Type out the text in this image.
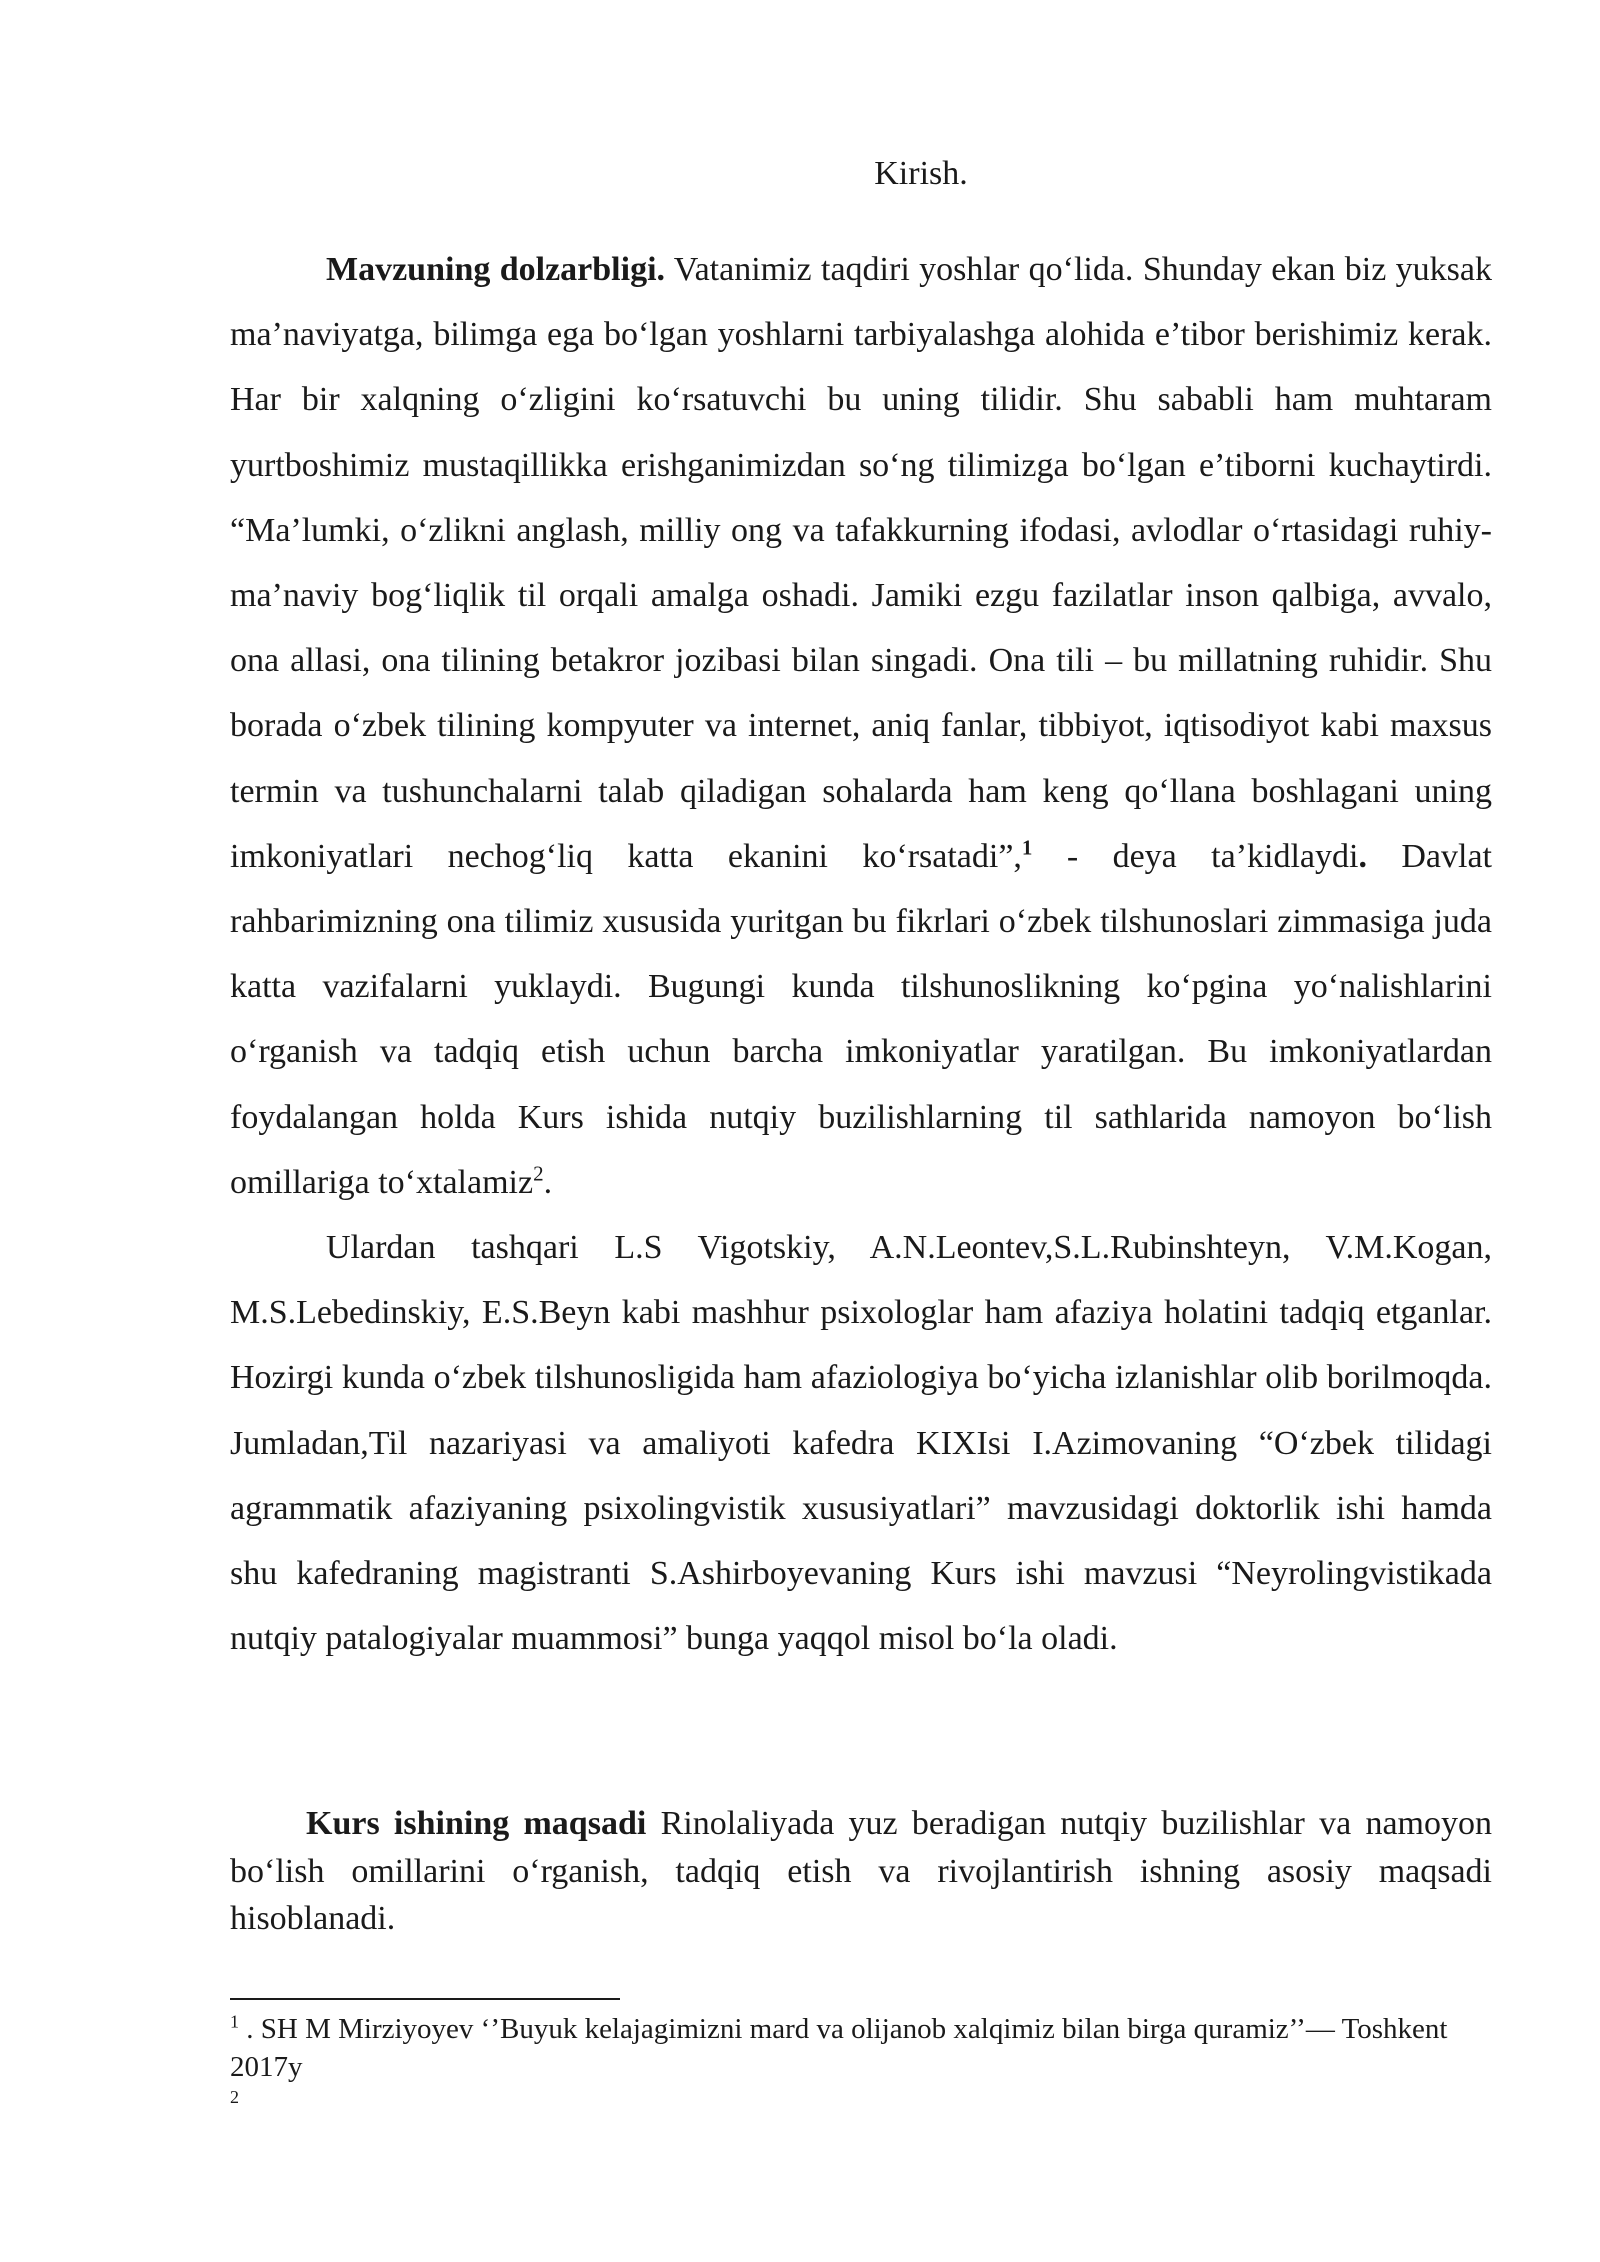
Kirish.

Mavzuning dolzarbligi. Vatanimiz taqdiri yoshlar qo‘lida. Shunday ekan biz yuksak ma’naviyatga, bilimga ega bo‘lgan yoshlarni tarbiyalashga alohida e’tibor berishimiz kerak. Har bir xalqning o‘zligini ko‘rsatuvchi bu uning tilidir. Shu sababli ham muhtaram yurtboshimiz mustaqillikka erishganimizdan so‘ng tilimizga bo‘lgan e’tiborni kuchaytirdi. “Ma’lumki, o‘zlikni anglash, milliy ong va tafakkurning ifodasi, avlodlar o‘rtasidagi ruhiy-ma’naviy bog‘liqlik til orqali amalga oshadi. Jamiki ezgu fazilatlar inson qalbiga, avvalo, ona allasi, ona tilining betakror jozibasi bilan singadi. Ona tili – bu millatning ruhidir. Shu borada o‘zbek tilining kompyuter va internet, aniq fanlar, tibbiyot, iqtisodiyot kabi maxsus termin va tushunchalarni talab qiladigan sohalarda ham keng qo‘llana boshlagani uning imkoniyatlari nechog‘liq katta ekanini ko‘rsatadi”,$^1$ - deya ta’kidlaydi. Davlat rahbarimizning ona tilimiz xususida yuritgan bu fikrlari o‘zbek tilshunoslari zimmasiga juda katta vazifalarni yuklaydi. Bugungi kunda tilshunoslikning ko‘pgina yo‘nalishlarini o‘rganish va tadqiq etish uchun barcha imkoniyatlar yaratilgan. Bu imkoniyatlardan foydalangan holda Kurs ishida nutqiy buzilishlarning til sathlarida namoyon bo‘lish omillariga to‘xtalamiz$^2$.

Ulardan tashqari L.S Vigotskiy, A.N.Leontev,S.L.Rubinshteyn, V.M.Kogan, M.S.Lebedinskiy, E.S.Beyn kabi mashhur psixologlar ham afaziya holatini tadqiq etganlar. Hozirgi kunda o‘zbek tilshunosligida ham afaziologiya bo‘yicha izlanishlar olib borilmoqda. Jumladan,Til nazariyasi va amaliyoti kafedra KIXIsi I.Azimovaning “O‘zbek tilidagi agrammatik afaziyaning psixolingvistik xususiyatlari” mavzusidagi doktorlik ishi hamda shu kafedraning magistranti S.Ashirboyevaning Kurs ishi mavzusi “Neyrolingvistikada nutqiy patalogiyalar muammosi” bunga yaqqol misol bo‘la oladi.

Kurs ishining maqsadi Rinolaliyada yuz beradigan nutqiy buzilishlar va namoyon bo‘lish omillarini o‘rganish, tadqiq etish va rivojlantirish ishning asosiy maqsadi hisoblanadi.

$^1$ . SH M Mirziyoyev ‘’Buyuk kelajagimizni mard va olijanob xalqimiz bilan birga quramiz’’— Toshkent 2017y

2
